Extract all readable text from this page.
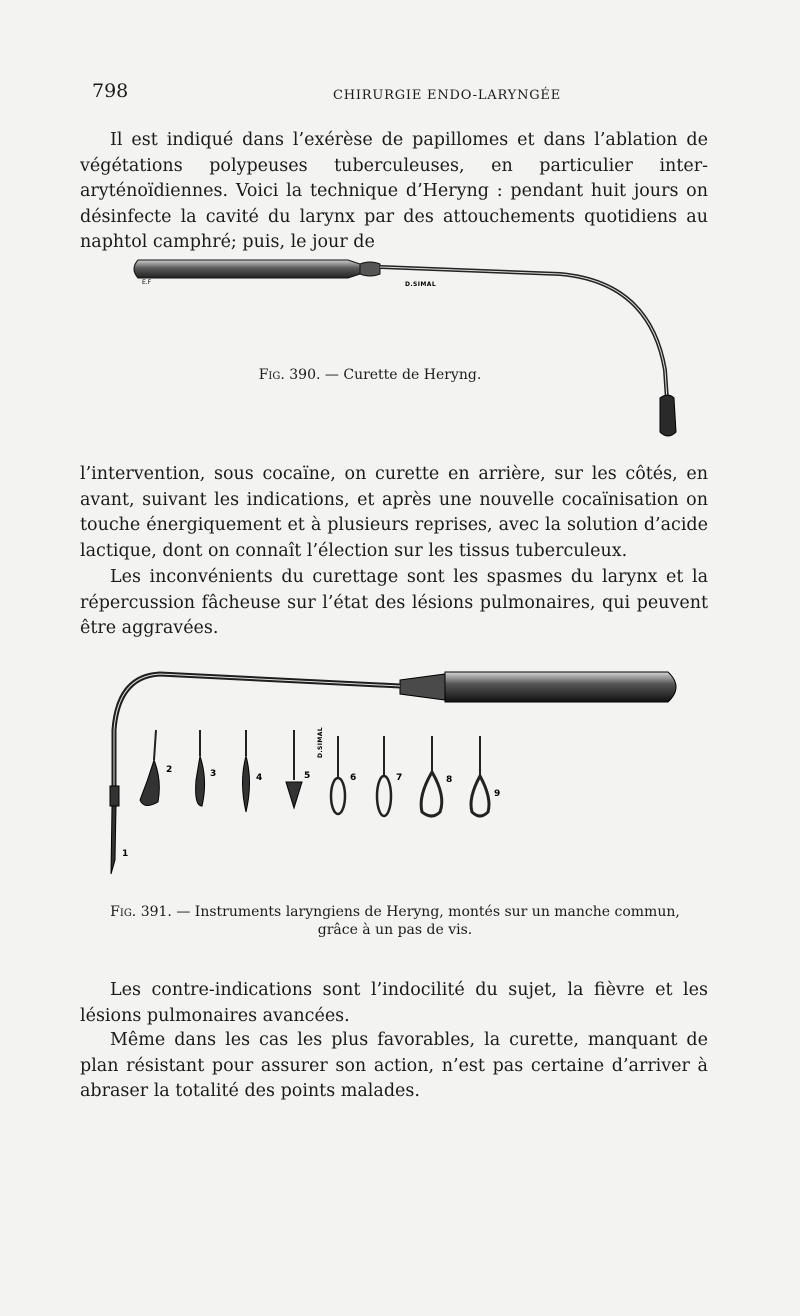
798	CHIRURGIE ENDO-LARYNGÉE

Il est indiqué dans l’exérèse de papillomes et dans l’ablation de végétations polypeuses tuberculeuses, en particulier inter-aryténoïdiennes. Voici la technique d’Heryng : pendant huit jours on désinfecte la cavité du larynx par des attouchements quotidiens au naphtol camphré; puis, le jour de

E.F	D.SIMAL

Fig. 390. — Curette de Heryng.

l’intervention, sous cocaïne, on curette en arrière, sur les côtés, en avant, suivant les indications, et après une nouvelle cocaïnisation on touche énergiquement et à plusieurs reprises, avec la solution d’acide lactique, dont on connaît l’élection sur les tissus tuberculeux.

Les inconvénients du curettage sont les spasmes du larynx et la répercussion fâcheuse sur l’état des lésions pulmonaires, qui peuvent être aggravées.

1
2	3	4	5
D.SIMAL
6	7	8
9

Fig. 391. — Instruments laryngiens de Heryng, montés sur un manche commun, grâce à un pas de vis.

Les contre-indications sont l’indocilité du sujet, la fièvre et les lésions pulmonaires avancées.

Même dans les cas les plus favorables, la curette, manquant de plan résistant pour assurer son action, n’est pas certaine d’arriver à abraser la totalité des points malades.
